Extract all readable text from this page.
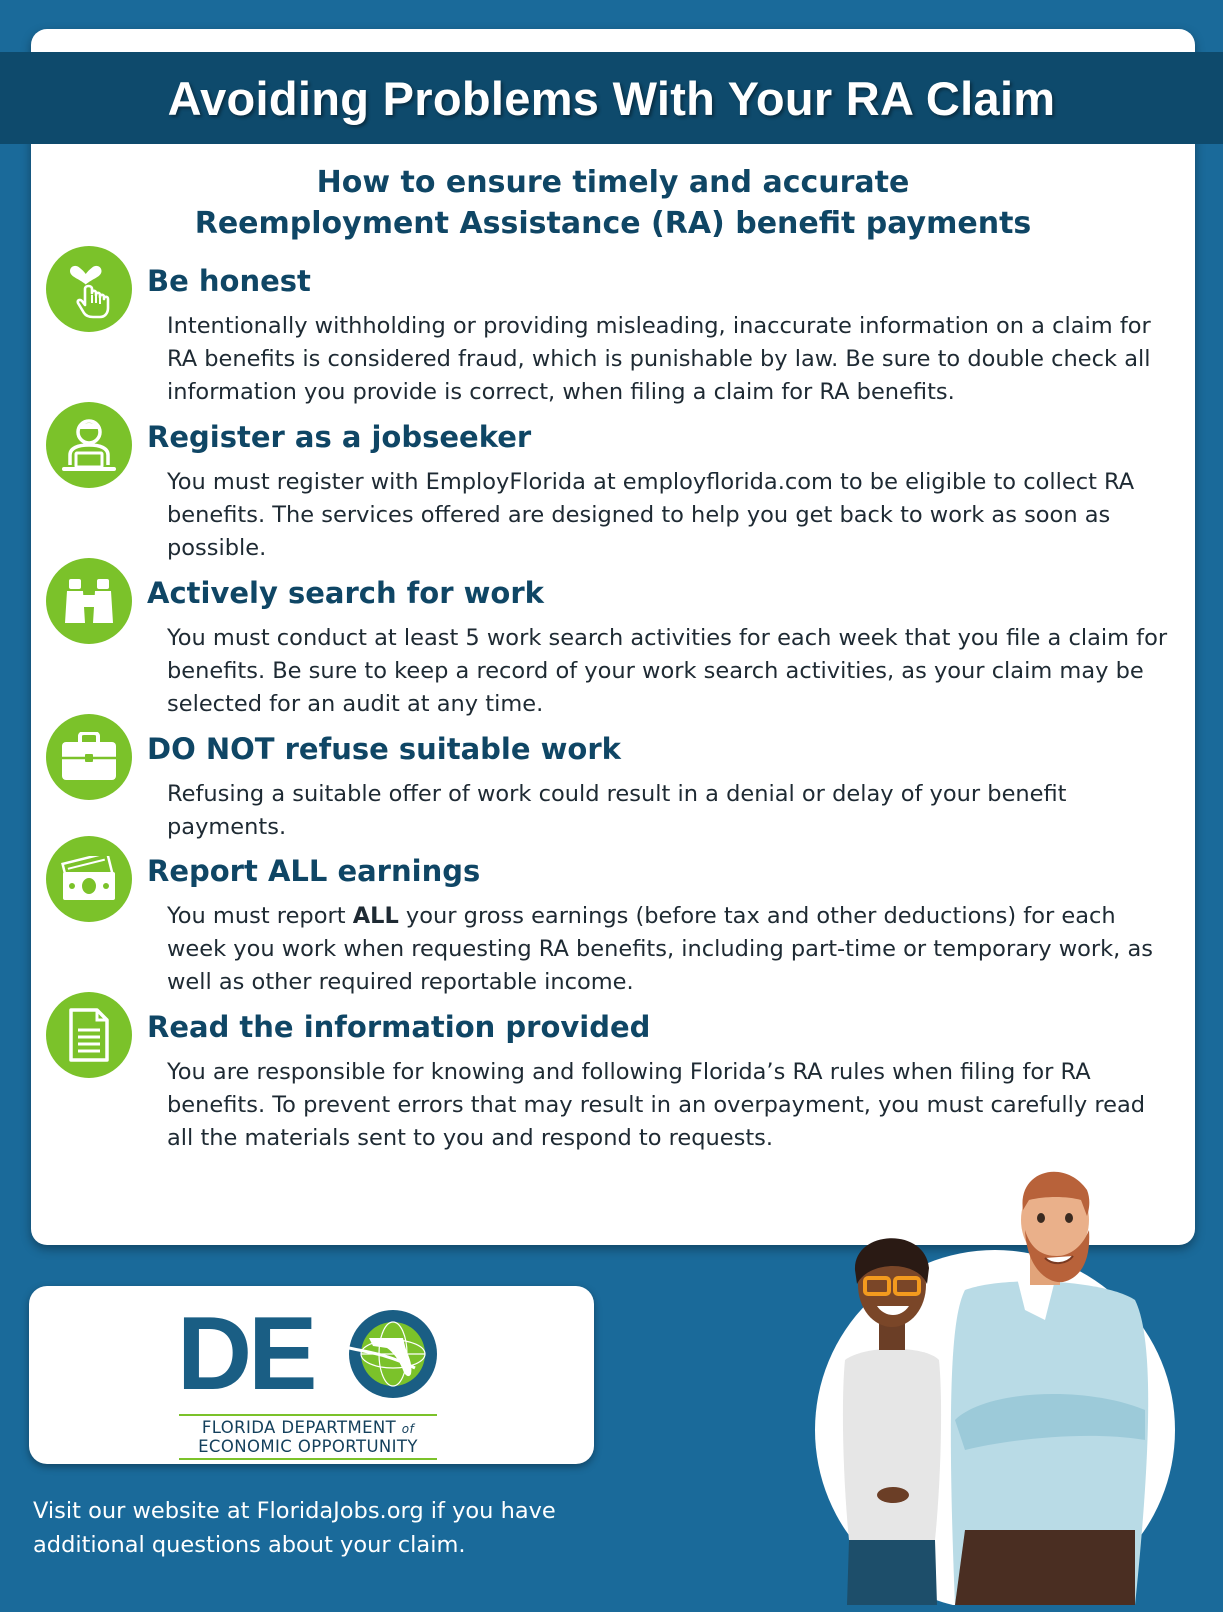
Avoiding Problems With Your RA Claim
How to ensure timely and accurate
Reemployment Assistance (RA) benefit payments
Be honest
Intentionally withholding or providing misleading, inaccurate information on a claim for RA benefits is considered fraud, which is punishable by law. Be sure to double check all information you provide is correct, when filing a claim for RA benefits.
Register as a jobseeker
You must register with EmployFlorida at employflorida.com to be eligible to collect RA benefits. The services offered are designed to help you get back to work as soon as possible.
Actively search for work
You must conduct at least 5 work search activities for each week that you file a claim for benefits. Be sure to keep a record of your work search activities, as your claim may be selected for an audit at any time.
DO NOT refuse suitable work
Refusing a suitable offer of work could result in a denial or delay of your benefit payments.
Report ALL earnings
You must report ALL your gross earnings (before tax and other deductions) for each week you work when requesting RA benefits, including part-time or temporary work, as well as other required reportable income.
Read the information provided
You are responsible for knowing and following Florida’s RA rules when filing for RA benefits. To prevent errors that may result in an overpayment, you must carefully read all the materials sent to you and respond to requests.
DE
FLORIDA DEPARTMENT of
ECONOMIC OPPORTUNITY
Visit our website at FloridaJobs.org if you have additional questions about your claim.
